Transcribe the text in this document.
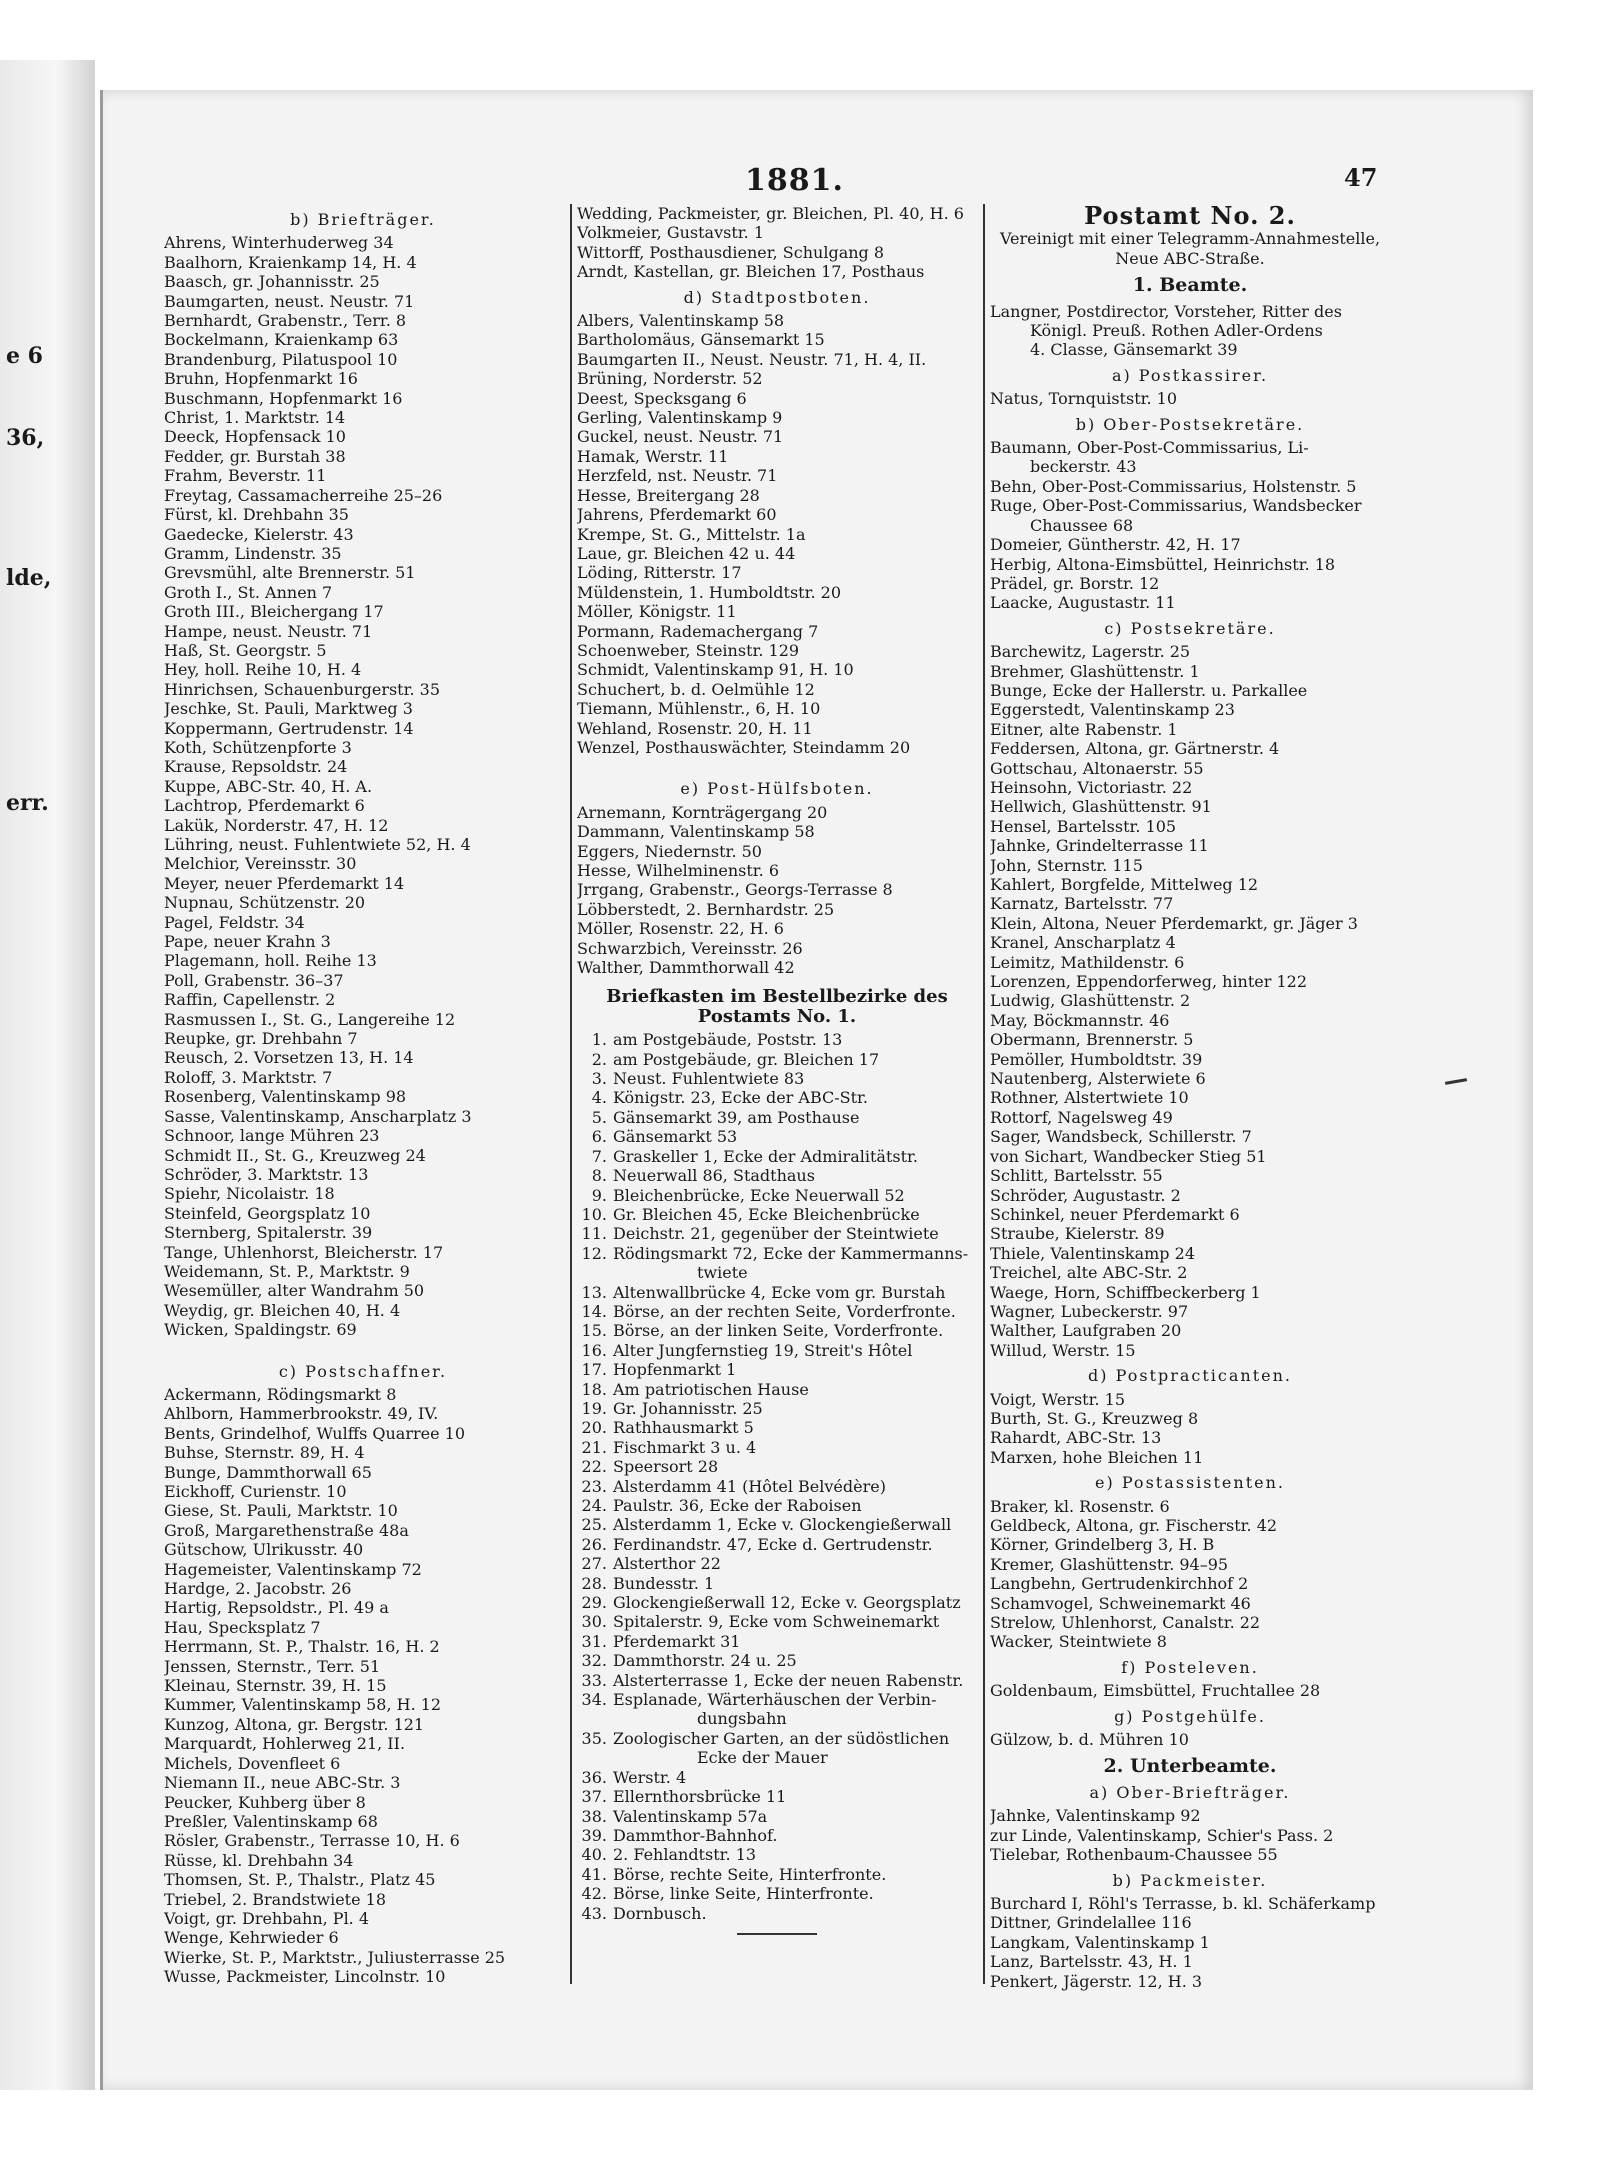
e 6
36,
lde,
err.
1881.	47
b) Briefträger.
Ahrens, Winterhuderweg 34
Baalhorn, Kraienkamp 14, H. 4
Baasch, gr. Johannisstr. 25
Baumgarten, neust. Neustr. 71
Bernhardt, Grabenstr., Terr. 8
Bockelmann, Kraienkamp 63
Brandenburg, Pilatuspool 10
Bruhn, Hopfenmarkt 16
Buschmann, Hopfenmarkt 16
Christ, 1. Marktstr. 14
Deeck, Hopfensack 10
Fedder, gr. Burstah 38
Frahm, Beverstr. 11
Freytag, Cassamacherreihe 25–26
Fürst, kl. Drehbahn 35
Gaedecke, Kielerstr. 43
Gramm, Lindenstr. 35
Grevsmühl, alte Brennerstr. 51
Groth I., St. Annen 7
Groth III., Bleichergang 17
Hampe, neust. Neustr. 71
Haß, St. Georgstr. 5
Hey, holl. Reihe 10, H. 4
Hinrichsen, Schauenburgerstr. 35
Jeschke, St. Pauli, Marktweg 3
Koppermann, Gertrudenstr. 14
Koth, Schützenpforte 3
Krause, Repsoldstr. 24
Kuppe, ABC-Str. 40, H. A.
Lachtrop, Pferdemarkt 6
Lakük, Norderstr. 47, H. 12
Lühring, neust. Fuhlentwiete 52, H. 4
Melchior, Vereinsstr. 30
Meyer, neuer Pferdemarkt 14
Nupnau, Schützenstr. 20
Pagel, Feldstr. 34
Pape, neuer Krahn 3
Plagemann, holl. Reihe 13
Poll, Grabenstr. 36–37
Raffin, Capellenstr. 2
Rasmussen I., St. G., Langereihe 12
Reupke, gr. Drehbahn 7
Reusch, 2. Vorsetzen 13, H. 14
Roloff, 3. Marktstr. 7
Rosenberg, Valentinskamp 98
Sasse, Valentinskamp, Anscharplatz 3
Schnoor, lange Mühren 23
Schmidt II., St. G., Kreuzweg 24
Schröder, 3. Marktstr. 13
Spiehr, Nicolaistr. 18
Steinfeld, Georgsplatz 10
Sternberg, Spitalerstr. 39
Tange, Uhlenhorst, Bleicherstr. 17
Weidemann, St. P., Marktstr. 9
Wesemüller, alter Wandrahm 50
Weydig, gr. Bleichen 40, H. 4
Wicken, Spaldingstr. 69
c) Postschaffner.
Ackermann, Rödingsmarkt 8
Ahlborn, Hammerbrookstr. 49, IV.
Bents, Grindelhof, Wulffs Quarree 10
Buhse, Sternstr. 89, H. 4
Bunge, Dammthorwall 65
Eickhoff, Curienstr. 10
Giese, St. Pauli, Marktstr. 10
Groß, Margarethenstraße 48a
Gütschow, Ulrikusstr. 40
Hagemeister, Valentinskamp 72
Hardge, 2. Jacobstr. 26
Hartig, Repsoldstr., Pl. 49 a
Hau, Specksplatz 7
Herrmann, St. P., Thalstr. 16, H. 2
Jenssen, Sternstr., Terr. 51
Kleinau, Sternstr. 39, H. 15
Kummer, Valentinskamp 58, H. 12
Kunzog, Altona, gr. Bergstr. 121
Marquardt, Hohlerweg 21, II.
Michels, Dovenfleet 6
Niemann II., neue ABC-Str. 3
Peucker, Kuhberg über 8
Preßler, Valentinskamp 68
Rösler, Grabenstr., Terrasse 10, H. 6
Rüsse, kl. Drehbahn 34
Thomsen, St. P., Thalstr., Platz 45
Triebel, 2. Brandstwiete 18
Voigt, gr. Drehbahn, Pl. 4
Wenge, Kehrwieder 6
Wierke, St. P., Marktstr., Juliusterrasse 25
Wusse, Packmeister, Lincolnstr. 10
Wedding, Packmeister, gr. Bleichen, Pl. 40, H. 6
Volkmeier, Gustavstr. 1
Wittorff, Posthausdiener, Schulgang 8
Arndt, Kastellan, gr. Bleichen 17, Posthaus
d) Stadtpostboten.
Albers, Valentinskamp 58
Bartholomäus, Gänsemarkt 15
Baumgarten II., Neust. Neustr. 71, H. 4, II.
Brüning, Norderstr. 52
Deest, Specksgang 6
Gerling, Valentinskamp 9
Guckel, neust. Neustr. 71
Hamak, Werstr. 11
Herzfeld, nst. Neustr. 71
Hesse, Breitergang 28
Jahrens, Pferdemarkt 60
Krempe, St. G., Mittelstr. 1a
Laue, gr. Bleichen 42 u. 44
Löding, Ritterstr. 17
Müldenstein, 1. Humboldtstr. 20
Möller, Königstr. 11
Pormann, Rademachergang 7
Schoenweber, Steinstr. 129
Schmidt, Valentinskamp 91, H. 10
Schuchert, b. d. Oelmühle 12
Tiemann, Mühlenstr., 6, H. 10
Wehland, Rosenstr. 20, H. 11
Wenzel, Posthauswächter, Steindamm 20
e) Post-Hülfsboten.
Arnemann, Kornträgergang 20
Dammann, Valentinskamp 58
Eggers, Niedernstr. 50
Hesse, Wilhelminenstr. 6
Jrrgang, Grabenstr., Georgs-Terrasse 8
Löbberstedt, 2. Bernhardstr. 25
Möller, Rosenstr. 22, H. 6
Schwarzbich, Vereinsstr. 26
Walther, Dammthorwall 42
Briefkasten im Bestellbezirke des Postamts No. 1.
1. am Postgebäude, Poststr. 13
2. am Postgebäude, gr. Bleichen 17
3. Neust. Fuhlentwiete 83
4. Königstr. 23, Ecke der ABC-Str.
5. Gänsemarkt 39, am Posthause
6. Gänsemarkt 53
7. Graskeller 1, Ecke der Admiralitätstr.
8. Neuerwall 86, Stadthaus
9. Bleichenbrücke, Ecke Neuerwall 52
10. Gr. Bleichen 45, Ecke Bleichenbrücke
11. Deichstr. 21, gegenüber der Steintwiete
12. Rödingsmarkt 72, Ecke der Kammermanns-
twiete
13. Altenwallbrücke 4, Ecke vom gr. Burstah
14. Börse, an der rechten Seite, Vorderfronte.
15. Börse, an der linken Seite, Vorderfronte.
16. Alter Jungfernstieg 19, Streit's Hôtel
17. Hopfenmarkt 1
18. Am patriotischen Hause
19. Gr. Johannisstr. 25
20. Rathhausmarkt 5
21. Fischmarkt 3 u. 4
22. Speersort 28
23. Alsterdamm 41 (Hôtel Belvédère)
24. Paulstr. 36, Ecke der Raboisen
25. Alsterdamm 1, Ecke v. Glockengießerwall
26. Ferdinandstr. 47, Ecke d. Gertrudenstr.
27. Alsterthor 22
28. Bundesstr. 1
29. Glockengießerwall 12, Ecke v. Georgsplatz
30. Spitalerstr. 9, Ecke vom Schweinemarkt
31. Pferdemarkt 31
32. Dammthorstr. 24 u. 25
33. Alsterterrasse 1, Ecke der neuen Rabenstr.
34. Esplanade, Wärterhäuschen der Verbin-
dungsbahn
35. Zoologischer Garten, an der südöstlichen
Ecke der Mauer
36. Werstr. 4
37. Ellernthorsbrücke 11
38. Valentinskamp 57a
39. Dammthor-Bahnhof.
40. 2. Fehlandtstr. 13
41. Börse, rechte Seite, Hinterfronte.
42. Börse, linke Seite, Hinterfronte.
43. Dornbusch.
Postamt No. 2.
Vereinigt mit einer Telegramm-Annahmestelle,
Neue ABC-Straße.
1. Beamte.
Langner, Postdirector, Vorsteher, Ritter des
Königl. Preuß. Rothen Adler-Ordens
4. Classe, Gänsemarkt 39
a) Postkassirer.
Natus, Tornquiststr. 10
b) Ober-Postsekretäre.
Baumann, Ober-Post-Commissarius, Li-
beckerstr. 43
Behn, Ober-Post-Commissarius, Holstenstr. 5
Ruge, Ober-Post-Commissarius, Wandsbecker
Chaussee 68
Domeier, Güntherstr. 42, H. 17
Herbig, Altona-Eimsbüttel, Heinrichstr. 18
Prädel, gr. Borstr. 12
Laacke, Augustastr. 11
c) Postsekretäre.
Barchewitz, Lagerstr. 25
Brehmer, Glashüttenstr. 1
Bunge, Ecke der Hallerstr. u. Parkallee
Eggerstedt, Valentinskamp 23
Eitner, alte Rabenstr. 1
Feddersen, Altona, gr. Gärtnerstr. 4
Gottschau, Altonaerstr. 55
Heinsohn, Victoriastr. 22
Hellwich, Glashüttenstr. 91
Hensel, Bartelsstr. 105
Jahnke, Grindelterrasse 11
John, Sternstr. 115
Kahlert, Borgfelde, Mittelweg 12
Karnatz, Bartelsstr. 77
Klein, Altona, Neuer Pferdemarkt, gr. Jäger 3
Kranel, Anscharplatz 4
Leimitz, Mathildenstr. 6
Lorenzen, Eppendorferweg, hinter 122
Ludwig, Glashüttenstr. 2
May, Böckmannstr. 46
Obermann, Brennerstr. 5
Pemöller, Humboldtstr. 39
Nautenberg, Alsterwiete 6
Rothner, Alstertwiete 10
Rottorf, Nagelsweg 49
Sager, Wandsbeck, Schillerstr. 7
von Sichart, Wandbecker Stieg 51
Schlitt, Bartelsstr. 55
Schröder, Augustastr. 2
Schinkel, neuer Pferdemarkt 6
Straube, Kielerstr. 89
Thiele, Valentinskamp 24
Treichel, alte ABC-Str. 2
Waege, Horn, Schiffbeckerberg 1
Wagner, Lubeckerstr. 97
Walther, Laufgraben 20
Willud, Werstr. 15
d) Postpracticanten.
Voigt, Werstr. 15
Burth, St. G., Kreuzweg 8
Rahardt, ABC-Str. 13
Marxen, hohe Bleichen 11
e) Postassistenten.
Braker, kl. Rosenstr. 6
Geldbeck, Altona, gr. Fischerstr. 42
Körner, Grindelberg 3, H. B
Kremer, Glashüttenstr. 94–95
Langbehn, Gertrudenkirchhof 2
Schamvogel, Schweinemarkt 46
Strelow, Uhlenhorst, Canalstr. 22
Wacker, Steintwiete 8
f) Posteleven.
Goldenbaum, Eimsbüttel, Fruchtallee 28
g) Postgehülfe.
Gülzow, b. d. Mühren 10
2. Unterbeamte.
a) Ober-Briefträger.
Jahnke, Valentinskamp 92
zur Linde, Valentinskamp, Schier's Pass. 2
Tielebar, Rothenbaum-Chaussee 55
b) Packmeister.
Burchard I, Röhl's Terrasse, b. kl. Schäferkamp
Dittner, Grindelallee 116
Langkam, Valentinskamp 1
Lanz, Bartelsstr. 43, H. 1
Penkert, Jägerstr. 12, H. 3
